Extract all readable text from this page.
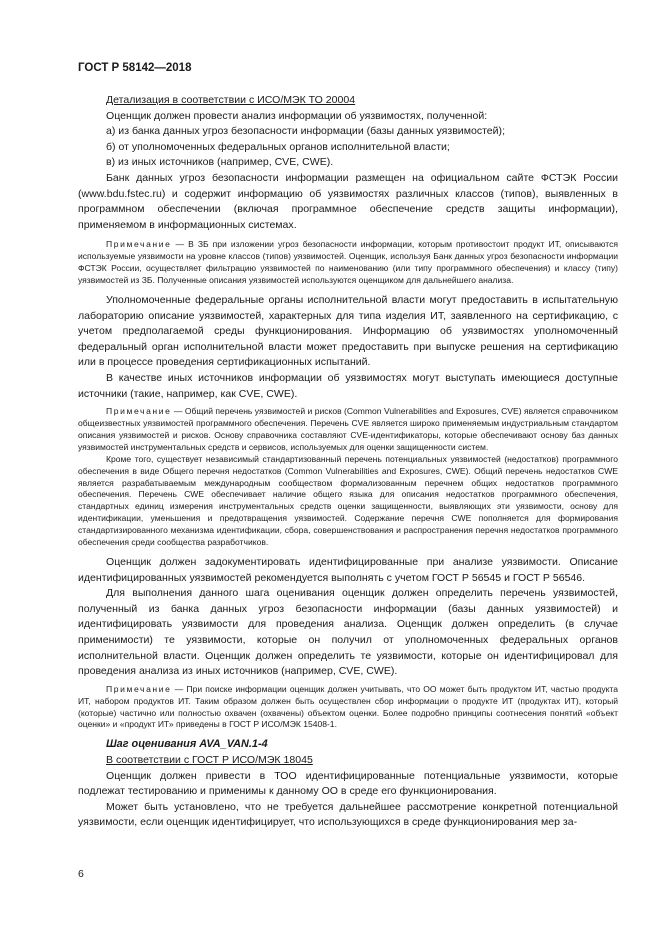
ГОСТ Р 58142—2018

Детализация в соответствии с ИСО/МЭК ТО 20004

Оценщик должен провести анализ информации об уязвимостях, полученной:

а) из банка данных угроз безопасности информации (базы данных уязвимостей);

б) от уполномоченных федеральных органов исполнительной власти;

в) из иных источников (например, CVE, CWE).

Банк данных угроз безопасности информации размещен на официальном сайте ФСТЭК России (www.bdu.fstec.ru) и содержит информацию об уязвимостях различных классов (типов), выявленных в программном обеспечении (включая программное обеспечение средств защиты информации), применяемом в информационных системах.

Примечание — В ЗБ при изложении угроз безопасности информации, которым противостоит продукт ИТ, описываются используемые уязвимости на уровне классов (типов) уязвимостей. Оценщик, используя Банк данных угроз безопасности информации ФСТЭК России, осуществляет фильтрацию уязвимостей по наименованию (или типу программного обеспечения) и классу (типу) уязвимостей из ЗБ. Полученные описания уязвимостей используются оценщиком для дальнейшего анализа.

Уполномоченные федеральные органы исполнительной власти могут предоставить в испытательную лабораторию описание уязвимостей, характерных для типа изделия ИТ, заявленного на сертификацию, с учетом предполагаемой среды функционирования. Информацию об уязвимостях уполномоченный федеральный орган исполнительной власти может предоставить при выпуске решения на сертификацию или в процессе проведения сертификационных испытаний.

В качестве иных источников информации об уязвимостях могут выступать имеющиеся доступные источники (такие, например, как CVE, CWE).

Примечание — Общий перечень уязвимостей и рисков (Common Vulnerabilities and Exposures, CVE) является справочником общеизвестных уязвимостей программного обеспечения. Перечень CVE является широко применяемым индустриальным стандартом описания уязвимостей и рисков. Основу справочника составляют CVE-идентификаторы, которые обеспечивают основу баз данных уязвимостей инструментальных средств и сервисов, используемых для оценки защищенности систем.

Кроме того, существует независимый стандартизованный перечень потенциальных уязвимостей (недостатков) программного обеспечения в виде Общего перечня недостатков (Common Vulnerabilities and Exposures, CWE). Общий перечень недостатков CWE является разрабатываемым международным сообществом формализованным перечнем общих недостатков программного обеспечения. Перечень CWE обеспечивает наличие общего языка для описания недостатков программного обеспечения, стандартных единиц измерения инструментальных средств оценки защищенности, выявляющих эти уязвимости, основу для идентификации, уменьшения и предотвращения уязвимостей. Содержание перечня CWE пополняется для формирования стандартизированного механизма идентификации, сбора, совершенствования и распространения перечня недостатков программного обеспечения среди сообщества разработчиков.

Оценщик должен задокументировать идентифицированные при анализе уязвимости. Описание идентифицированных уязвимостей рекомендуется выполнять с учетом ГОСТ Р 56545 и ГОСТ Р 56546.

Для выполнения данного шага оценивания оценщик должен определить перечень уязвимостей, полученный из банка данных угроз безопасности информации (базы данных уязвимостей) и идентифицировать уязвимости для проведения анализа. Оценщик должен определить (в случае применимости) те уязвимости, которые он получил от уполномоченных федеральных органов исполнительной власти. Оценщик должен определить те уязвимости, которые он идентифицировал для проведения анализа из иных источников (например, CVE, CWE).

Примечание — При поиске информации оценщик должен учитывать, что ОО может быть продуктом ИТ, частью продукта ИТ, набором продуктов ИТ. Таким образом должен быть осуществлен сбор информации о продукте ИТ (продуктах ИТ), который (которые) частично или полностью охвачен (охвачены) объектом оценки. Более подробно принципы соотнесения понятий «объект оценки» и «продукт ИТ» приведены в ГОСТ Р ИСО/МЭК 15408-1.

Шаг оценивания AVA_VAN.1-4

В соответствии с ГОСТ Р ИСО/МЭК 18045

Оценщик должен привести в ТОО идентифицированные потенциальные уязвимости, которые подлежат тестированию и применимы к данному ОО в среде его функционирования.

Может быть установлено, что не требуется дальнейшее рассмотрение конкретной потенциальной уязвимости, если оценщик идентифицирует, что использующихся в среде функционирования мер за-

6
